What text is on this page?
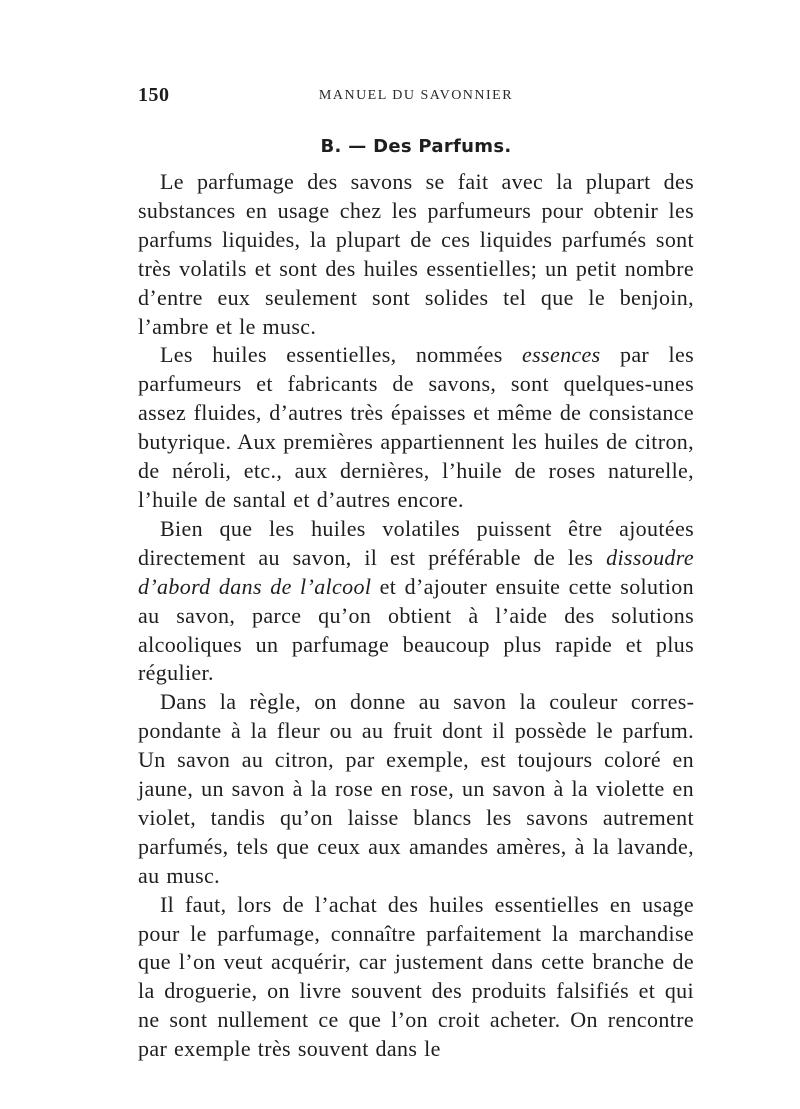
150	MANUEL DU SAVONNIER
B. — Des Parfums.

Le parfumage des savons se fait avec la plupart des substances en usage chez les parfumeurs pour obtenir les parfums liquides, la plupart de ces liquides parfumés sont très volatils et sont des huiles essentielles; un petit nombre d’entre eux seulement sont solides tel que le benjoin, l’ambre et le musc.

Les huiles essentielles, nommées essences par les parfumeurs et fabricants de savons, sont quelques-unes assez fluides, d’autres très épaisses et même de consistance butyrique. Aux premières appartiennent les huiles de citron, de néroli, etc., aux dernières, l’huile de roses naturelle, l’huile de santal et d’autres encore.

Bien que les huiles volatiles puissent être ajoutées directement au savon, il est préférable de les dissoudre d’abord dans de l’alcool et d’ajouter ensuite cette solution au savon, parce qu’on obtient à l’aide des solutions alcooliques un parfumage beaucoup plus rapide et plus régulier.

Dans la règle, on donne au savon la couleur correspondante à la fleur ou au fruit dont il possède le parfum. Un savon au citron, par exemple, est toujours coloré en jaune, un savon à la rose en rose, un savon à la violette en violet, tandis qu’on laisse blancs les savons autrement parfumés, tels que ceux aux amandes amères, à la lavande, au musc.

Il faut, lors de l’achat des huiles essentielles en usage pour le parfumage, connaître parfaitement la marchandise que l’on veut acquérir, car justement dans cette branche de la droguerie, on livre souvent des produits falsifiés et qui ne sont nullement ce que l’on croit acheter. On rencontre par exemple très souvent dans le
